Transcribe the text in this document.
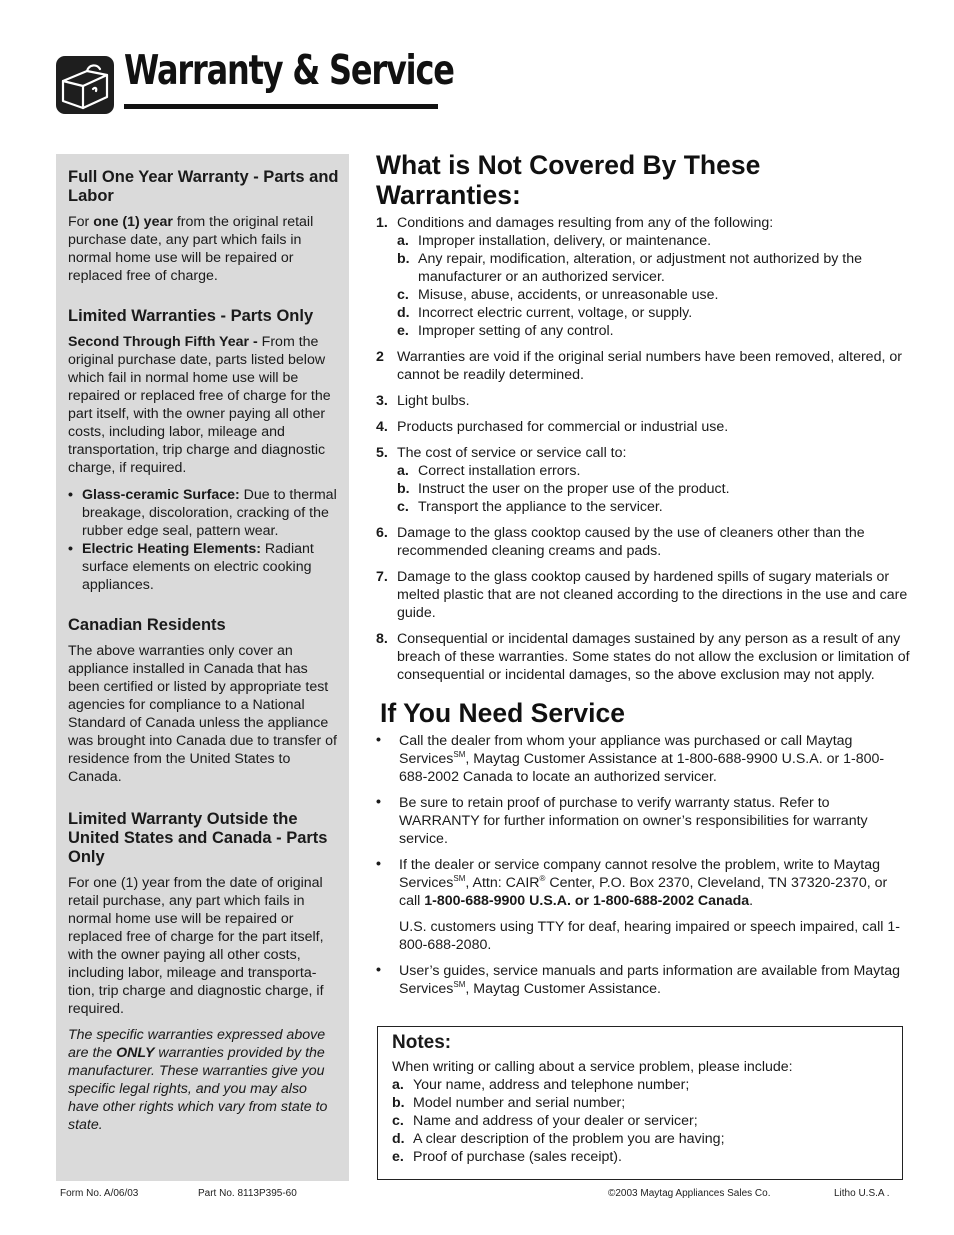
Warranty & Service
Full One Year Warranty - Parts and Labor

For one (1) year from the original retail purchase date, any part which fails in normal home use will be repaired or replaced free of charge.

Limited Warranties - Parts Only

Second Through Fifth Year - From the original purchase date, parts listed below which fail in normal home use will be repaired or replaced free of charge for the part itself, with the owner paying all other costs, including labor, mileage and transportation, trip charge and diagnostic charge, if required.

• Glass-ceramic Surface: Due to thermal breakage, discoloration, cracking of the rubber edge seal, pattern wear.
• Electric Heating Elements: Radiant surface elements on electric cooking appliances.
Canadian Residents

The above warranties only cover an appliance installed in Canada that has been certified or listed by appropriate test agencies for compliance to a National Standard of Canada unless the appliance was brought into Canada due to transfer of residence from the United States to Canada.

Limited Warranty Outside the United States and Canada - Parts Only

For one (1) year from the date of original retail purchase, any part which fails in normal home use will be repaired or replaced free of charge for the part itself, with the owner paying all other costs, including labor, mileage and transporta-tion, trip charge and diagnostic charge, if required.

The specific warranties expressed above are the ONLY warranties provided by the manufacturer. These warranties give you specific legal rights, and you may also have other rights which vary from state to state.

What is Not Covered By These Warranties:
1. Conditions and damages resulting from any of the following:
a. Improper installation, delivery, or maintenance.
b. Any repair, modification, alteration, or adjustment not authorized by the manufacturer or an authorized servicer.
c. Misuse, abuse, accidents, or unreasonable use.
d. Incorrect electric current, voltage, or supply.
e. Improper setting of any control.
2 Warranties are void if the original serial numbers have been removed, altered, or cannot be readily determined.
3. Light bulbs.
4. Products purchased for commercial or industrial use.
5. The cost of service or service call to:
a. Correct installation errors.
b. Instruct the user on the proper use of the product.
c. Transport the appliance to the servicer.
6. Damage to the glass cooktop caused by the use of cleaners other than the recommended cleaning creams and pads.
7. Damage to the glass cooktop caused by hardened spills of sugary materials or melted plastic that are not cleaned according to the directions in the use and care guide.
8. Consequential or incidental damages sustained by any person as a result of any breach of these warranties. Some states do not allow the exclusion or limitation of consequential or incidental damages, so the above exclusion may not apply.
If You Need Service
• Call the dealer from whom your appliance was purchased or call Maytag Services℠, Maytag Customer Assistance at 1-800-688-9900 U.S.A. or 1-800-688-2002 Canada to locate an authorized servicer.

• Be sure to retain proof of purchase to verify warranty status. Refer to WARRANTY for further information on owner’s responsibilities for warranty service.

• If the dealer or service company cannot resolve the problem, write to Maytag Services℠, Attn: CAIR® Center, P.O. Box 2370, Cleveland, TN 37320-2370, or call 1-800-688-9900 U.S.A. or 1-800-688-2002 Canada.

U.S. customers using TTY for deaf, hearing impaired or speech impaired, call 1-800-688-2080.

• User’s guides, service manuals and parts information are available from Maytag Services℠, Maytag Customer Assistance.

Notes:

When writing or calling about a service problem, please include:

a. Your name, address and telephone number;
b. Model number and serial number;
c. Name and address of your dealer or servicer;
d. A clear description of the problem you are having;
e. Proof of purchase (sales receipt).
Form No. A/06/03	Part No. 8113P395-60	©2003 Maytag Appliances Sales Co.	Litho U.S.A .
